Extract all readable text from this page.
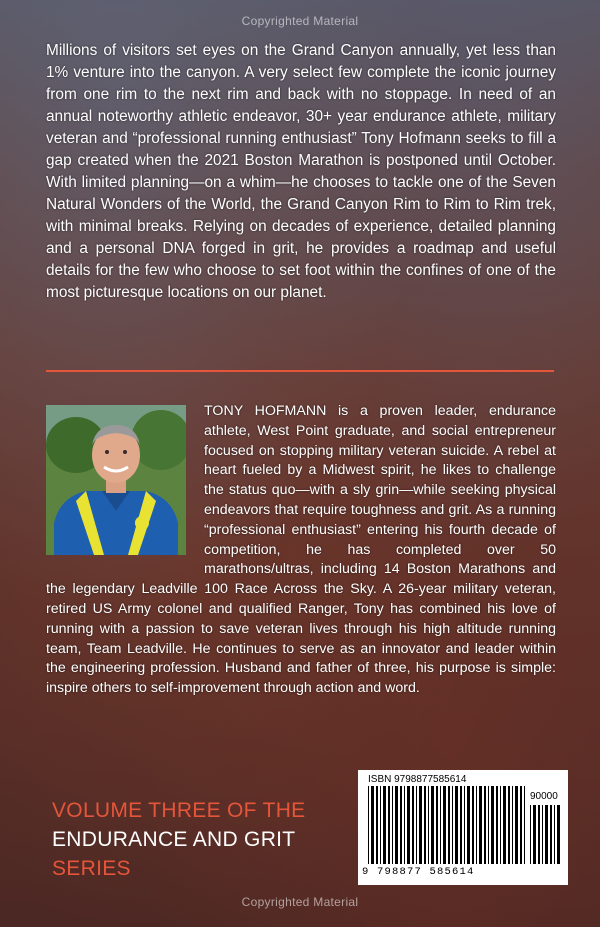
Copyrighted Material

Millions of visitors set eyes on the Grand Canyon annually, yet less than 1% venture into the canyon. A very select few complete the iconic journey from one rim to the next rim and back with no stoppage. In need of an annual noteworthy athletic endeavor, 30+ year endurance athlete, military veteran and “professional running enthusiast” Tony Hofmann seeks to fill a gap created when the 2021 Boston Marathon is postponed until October. With limited planning—on a whim—he chooses to tackle one of the Seven Natural Wonders of the World, the Grand Canyon Rim to Rim to Rim trek, with minimal breaks. Relying on decades of experience, detailed planning and a personal DNA forged in grit, he provides a roadmap and useful details for the few who choose to set foot within the confines of one of the most picturesque locations on our planet.

TONY HOFMANN is a proven leader, endurance athlete, West Point graduate, and social entrepreneur focused on stopping military veteran suicide. A rebel at heart fueled by a Midwest spirit, he likes to challenge the status quo—with a sly grin—while seeking physical endeavors that require toughness and grit. As a running “professional enthusiast” entering his fourth decade of competition, he has completed over 50 marathons/ultras, including 14 Boston Marathons and the legendary Leadville 100 Race Across the Sky. A 26-year military veteran, retired US Army colonel and qualified Ranger, Tony has combined his love of running with a passion to save veteran lives through his high altitude running team, Team Leadville. He continues to serve as an innovator and leader within the engineering profession. Husband and father of three, his purpose is simple: inspire others to self-improvement through action and word.

VOLUME THREE OF THE
ENDURANCE AND GRIT
SERIES
ISBN 9798877585614
90000
9 798877 585614
Copyrighted Material
